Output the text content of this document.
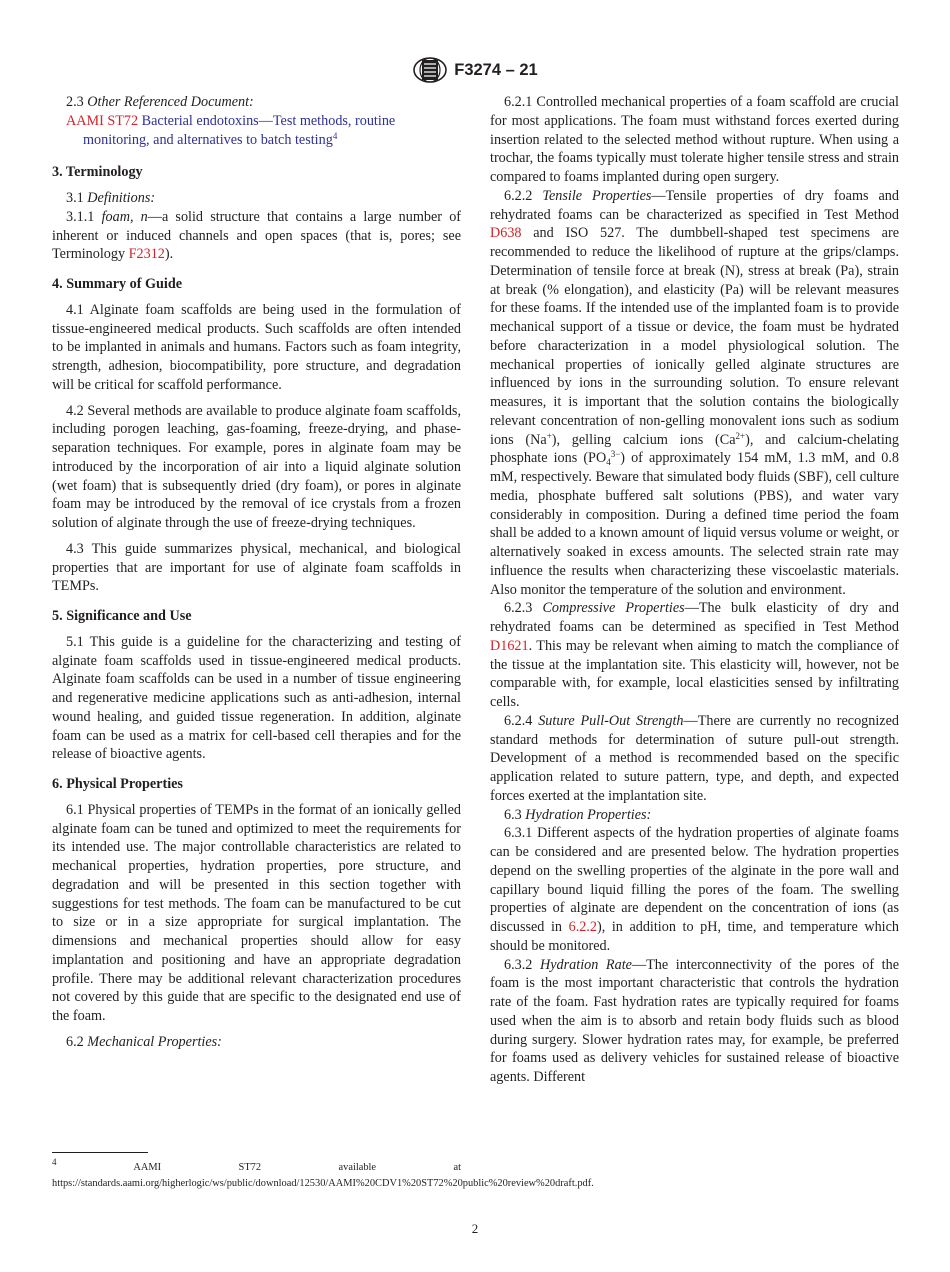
F3274 – 21

2.3 Other Referenced Document:

AAMI ST72 Bacterial endotoxins—Test methods, routine monitoring, and alternatives to batch testing$^4$

3. Terminology

3.1 Definitions:

3.1.1 foam, n—a solid structure that contains a large number of inherent or induced channels and open spaces (that is, pores; see Terminology F2312).

4. Summary of Guide

4.1 Alginate foam scaffolds are being used in the formulation of tissue-engineered medical products. Such scaffolds are often intended to be implanted in animals and humans. Factors such as foam integrity, strength, adhesion, biocompatibility, pore structure, and degradation will be critical for scaffold performance.

4.2 Several methods are available to produce alginate foam scaffolds, including porogen leaching, gas-foaming, freeze-drying, and phase-separation techniques. For example, pores in alginate foam may be introduced by the incorporation of air into a liquid alginate solution (wet foam) that is subsequently dried (dry foam), or pores in alginate foam may be introduced by the removal of ice crystals from a frozen solution of alginate through the use of freeze-drying techniques.

4.3 This guide summarizes physical, mechanical, and biological properties that are important for use of alginate foam scaffolds in TEMPs.

5. Significance and Use

5.1 This guide is a guideline for the characterizing and testing of alginate foam scaffolds used in tissue-engineered medical products. Alginate foam scaffolds can be used in a number of tissue engineering and regenerative medicine applications such as anti-adhesion, internal wound healing, and guided tissue regeneration. In addition, alginate foam can be used as a matrix for cell-based cell therapies and for the release of bioactive agents.

6. Physical Properties

6.1 Physical properties of TEMPs in the format of an ionically gelled alginate foam can be tuned and optimized to meet the requirements for its intended use. The major controllable characteristics are related to mechanical properties, hydration properties, pore structure, and degradation and will be presented in this section together with suggestions for test methods. The foam can be manufactured to be cut to size or in a size appropriate for surgical implantation. The dimensions and mechanical properties should allow for easy implantation and positioning and have an appropriate degradation profile. There may be additional relevant characterization procedures not covered by this guide that are specific to the designated end use of the foam.

6.2 Mechanical Properties:

6.2.1 Controlled mechanical properties of a foam scaffold are crucial for most applications. The foam must withstand forces exerted during insertion related to the selected method without rupture. When using a trochar, the foams typically must tolerate higher tensile stress and strain compared to foams implanted during open surgery.

6.2.2 Tensile Properties—Tensile properties of dry foams and rehydrated foams can be characterized as specified in Test Method D638 and ISO 527. The dumbbell-shaped test specimens are recommended to reduce the likelihood of rupture at the grips/clamps. Determination of tensile force at break (N), stress at break (Pa), strain at break (% elongation), and elasticity (Pa) will be relevant measures for these foams. If the intended use of the implanted foam is to provide mechanical support of a tissue or device, the foam must be hydrated before characterization in a model physiological solution. The mechanical properties of ionically gelled alginate structures are influenced by ions in the surrounding solution. To ensure relevant measures, it is important that the solution contains the biologically relevant concentration of non-gelling monovalent ions such as sodium ions (Na+), gelling calcium ions $(Ca^{2+})$, and calcium-chelating phosphate ions $(PO_4^{3-})$ of approximately 154 mM, 1.3 mM, and 0.8 mM, respectively. Beware that simulated body fluids (SBF), cell culture media, phosphate buffered salt solutions (PBS), and water vary considerably in composition. During a defined time period the foam shall be added to a known amount of liquid versus volume or weight, or alternatively soaked in excess amounts. The selected strain rate may influence the results when characterizing these viscoelastic materials. Also monitor the temperature of the solution and environment.

6.2.3 Compressive Properties—The bulk elasticity of dry and rehydrated foams can be determined as specified in Test Method D1621. This may be relevant when aiming to match the compliance of the tissue at the implantation site. This elasticity will, however, not be comparable with, for example, local elasticities sensed by infiltrating cells.

6.2.4 Suture Pull-Out Strength—There are currently no recognized standard methods for determination of suture pull-out strength. Development of a method is recommended based on the specific application related to suture pattern, type, and depth, and expected forces exerted at the implantation site.

6.3 Hydration Properties:

6.3.1 Different aspects of the hydration properties of alginate foams can be considered and are presented below. The hydration properties depend on the swelling properties of the alginate in the pore wall and capillary bound liquid filling the pores of the foam. The swelling properties of alginate are dependent on the concentration of ions (as discussed in 6.2.2), in addition to pH, time, and temperature which should be monitored.

6.3.2 Hydration Rate—The interconnectivity of the pores of the foam is the most important characteristic that controls the hydration rate of the foam. Fast hydration rates are typically required for foams used when the aim is to absorb and retain body fluids such as blood during surgery. Slower hydration rates may, for example, be preferred for foams used as delivery vehicles for sustained release of bioactive agents. Different

$^4$	AAMI ST72 available at https://standards.aami.org/higherlogic/ws/public/download/12530/AAMI%20CDV1%20ST72%20public%20review%20draft.pdf.

2
